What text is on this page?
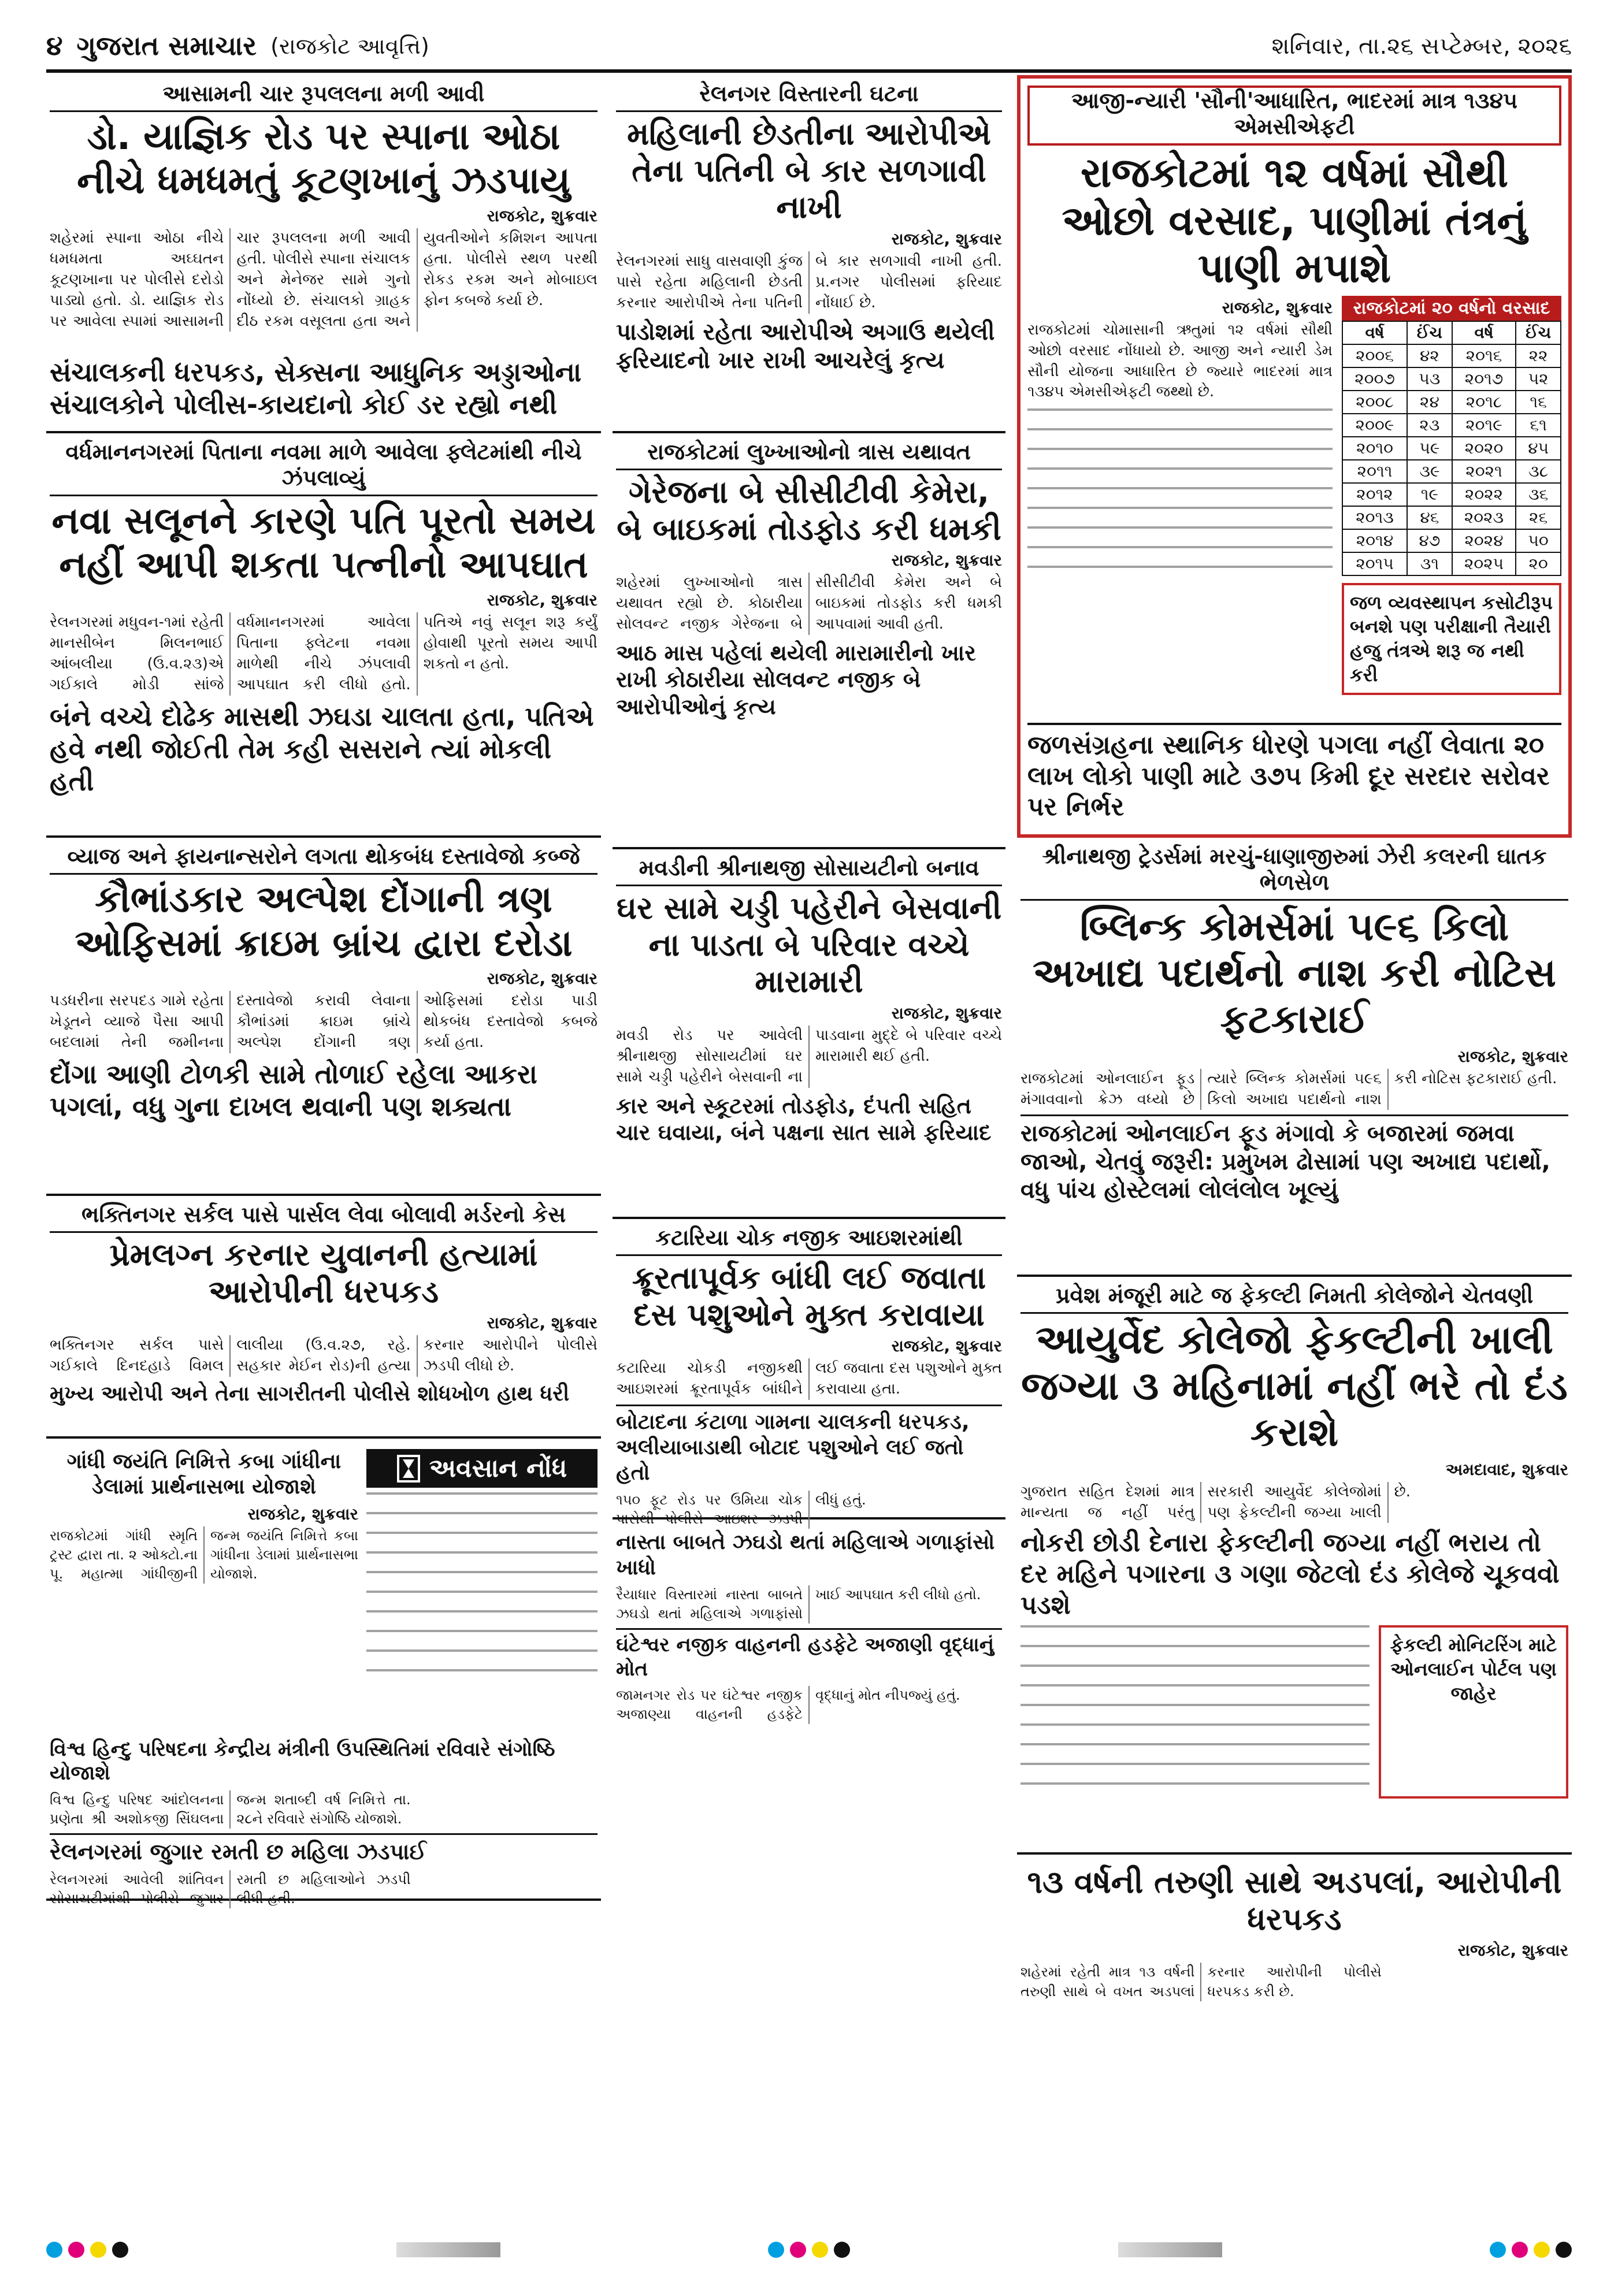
૪ ગુજરાત સમાચાર (રાજકોટ આવૃત્તિ)	શનિવાર, તા.૨૬ સપ્ટેમ્બર, ૨૦૨૬
આસામની ચાર રૂપલલના મળી આવી
ડો. યાજ્ઞિક રોડ પર સ્પાના ઓઠા નીચે ધમધમતું કૂટણખાનું ઝડપાયુ
રાજકોટ, શુક્રવાર
શહેરમાં સ્પાના ઓઠા નીચે ધમધમતા અઘ્ઘતન કૂટણખાના પર પોલીસે દરોડો પાડ્યો હતો. ડો. યાજ્ઞિક રોડ પર આવેલા સ્પામાં આસામની ચાર રૂપલલના મળી આવી હતી. પોલીસે સ્પાના સંચાલક અને મેનેજર સામે ગુનો નોંધ્યો છે. સંચાલકો ગ્રાહક દીઠ રકમ વસૂલતા હતા અને યુવતીઓને કમિશન આપતા હતા. પોલીસે સ્થળ પરથી રોકડ રકમ અને મોબાઇલ ફોન કબજે કર્યા છે.
સંચાલકની ધરપકડ, સેક્સના આધુનિક અડ્ડાઓના સંચાલકોને પોલીસ-કાયદાનો કોઈ ડર રહ્યો નથી
વર્ધમાનનગરમાં પિતાના નવમા માળે આવેલા ફ્લેટમાંથી નીચે ઝંપલાવ્યું
નવા સલૂનને કારણે પતિ પૂરતો સમય નહીં આપી શકતા પત્નીનો આપઘાત
રાજકોટ, શુક્રવાર
રેલનગરમાં મધુવન-૧માં રહેતી માનસીબેન મિલનભાઈ આંબલીયા (ઉ.વ.૨૩)એ ગઈકાલે મોડી સાંજે વર્ધમાનનગરમાં આવેલા પિતાના ફ્લેટના નવમા માળેથી નીચે ઝંપલાવી આપઘાત કરી લીધો હતો. પતિએ નવું સલૂન શરૂ કર્યું હોવાથી પૂરતો સમય આપી શકતો ન હતો.
બંને વચ્ચે દોઢેક માસથી ઝઘડા ચાલતા હતા, પતિએ હવે નથી જોઈતી તેમ કહી સસરાને ત્યાં મોકલી હતી
વ્યાજ અને ફાયનાન્સરોને લગતા થોકબંધ દસ્તાવેજો કબ્જે
કૌભાંડકાર અલ્પેશ દોંગાની ત્રણ ઓફિસમાં ક્રાઇમ બ્રાંચ દ્વારા દરોડા
રાજકોટ, શુક્રવાર
પડધરીના સરપદડ ગામે રહેતા ખેડૂતને વ્યાજે પૈસા આપી બદલામાં તેની જમીનના દસ્તાવેજો કરાવી લેવાના કૌભાંડમાં ક્રાઇમ બ્રાંચે અલ્પેશ દોંગાની ત્રણ ઓફિસમાં દરોડા પાડી થોકબંધ દસ્તાવેજો કબજે કર્યા હતા.
દોંગા આણી ટોળકી સામે તોળાઈ રહેલા આકરા પગલાં, વધુ ગુના દાખલ થવાની પણ શક્યતા
ભક્તિનગર સર્કલ પાસે પાર્સલ લેવા બોલાવી મર્ડરનો કેસ
પ્રેમલગ્ન કરનાર યુવાનની હત્યામાં આરોપીની ધરપકડ
રાજકોટ, શુક્રવાર
ભક્તિનગર સર્કલ પાસે ગઈકાલે દિનદહાડે વિમલ લાલીયા (ઉ.વ.૨૭, રહે. સહકાર મેઈન રોડ)ની હત્યા કરનાર આરોપીને પોલીસે ઝડપી લીધો છે.
મુખ્ય આરોપી અને તેના સાગરીતની પોલીસે શોધખોળ હાથ ધરી
ગાંધી જયંતિ નિમિત્તે કબા ગાંધીના ડેલામાં પ્રાર્થનાસભા યોજાશે
રાજકોટ, શુક્રવાર
રાજકોટમાં ગાંધી સ્મૃતિ ટ્રસ્ટ દ્વારા તા. ૨ ઓક્ટો.ના પૂ. મહાત્મા ગાંધીજીની જન્મ જયંતિ નિમિત્તે કબા ગાંધીના ડેલામાં પ્રાર્થનાસભા યોજાશે.
અવસાન નોંધ
વિશ્વ હિન્દુ પરિષદના કેન્દ્રીય મંત્રીની ઉપસ્થિતિમાં રવિવારે સંગોષ્ઠિ યોજાશે
વિશ્વ હિન્દુ પરિષદ આંદોલનના પ્રણેતા શ્રી અશોકજી સિંઘલના જન્મ શતાબ્દી વર્ષ નિમિત્તે તા. ૨૮ને રવિવારે સંગોષ્ઠિ યોજાશે.
રેલનગરમાં જુગાર રમતી છ મહિલા ઝડપાઈ
રેલનગરમાં આવેલી શાંતિવન સોસાયટીમાંથી પોલીસે જુગાર રમતી છ મહિલાઓને ઝડપી લીધી હતી.
રેલનગર વિસ્તારની ઘટના
મહિલાની છેડતીના આરોપીએ તેના પતિની બે કાર સળગાવી નાખી
રાજકોટ, શુક્રવાર
રેલનગરમાં સાધુ વાસવાણી કુંજ પાસે રહેતા મહિલાની છેડતી કરનાર આરોપીએ તેના પતિની બે કાર સળગાવી નાખી હતી. પ્ર.નગર પોલીસમાં ફરિયાદ નોંધાઈ છે.
પાડોશમાં રહેતા આરોપીએ અગાઉ થયેલી ફરિયાદનો ખાર રાખી આચરેલું કૃત્ય
રાજકોટમાં લુખ્ખાઓનો ત્રાસ યથાવત
ગેરેજના બે સીસીટીવી કેમેરા, બે બાઇકમાં તોડફોડ કરી ધમકી
રાજકોટ, શુક્રવાર
શહેરમાં લુખ્ખાઓનો ત્રાસ યથાવત રહ્યો છે. કોઠારીયા સોલવન્ટ નજીક ગેરેજના બે સીસીટીવી કેમેરા અને બે બાઇકમાં તોડફોડ કરી ધમકી આપવામાં આવી હતી.
આઠ માસ પહેલાં થયેલી મારામારીનો ખાર રાખી કોઠારીયા સોલવન્ટ નજીક બે આરોપીઓનું કૃત્ય
મવડીની શ્રીનાથજી સોસાયટીનો બનાવ
ઘર સામે ચડ્ડી પહેરીને બેસવાની ના પાડતા બે પરિવાર વચ્ચે મારામારી
રાજકોટ, શુક્રવાર
મવડી રોડ પર આવેલી શ્રીનાથજી સોસાયટીમાં ઘર સામે ચડ્ડી પહેરીને બેસવાની ના પાડવાના મુદ્દે બે પરિવાર વચ્ચે મારામારી થઈ હતી.
કાર અને સ્કૂટરમાં તોડફોડ, દંપતી સહિત ચાર ઘવાયા, બંને પક્ષના સાત સામે ફરિયાદ
કટારિયા ચોક નજીક આઇશરમાંથી
ક્રૂરતાપૂર્વક બાંધી લઈ જવાતા દસ પશુઓને મુક્ત કરાવાયા
રાજકોટ, શુક્રવાર
કટારિયા ચોકડી નજીકથી આઇશરમાં ક્રૂરતાપૂર્વક બાંધીને લઈ જવાતા દસ પશુઓને મુક્ત કરાવાયા હતા.
બોટાદના કંટાળા ગામના ચાલકની ધરપકડ, અલીયાબાડાથી બોટાદ પશુઓને લઈ જતો હતો
૧૫૦ ફૂટ રોડ પર ઉમિયા ચોક પાસેથી પોલીસે આઇશર ઝડપી લીધું હતું.
નાસ્તા બાબતે ઝઘડો થતાં મહિલાએ ગળાફાંસો ખાધો
રૈયાધાર વિસ્તારમાં નાસ્તા બાબતે ઝઘડો થતાં મહિલાએ ગળાફાંસો ખાઈ આપઘાત કરી લીધો હતો.
ઘંટેશ્વર નજીક વાહનની હડફેટે અજાણી વૃદ્ધાનું મોત
જામનગર રોડ પર ઘંટેશ્વર નજીક અજાણ્યા વાહનની હડફેટે વૃદ્ધાનું મોત નીપજ્યું હતું.
આજી-ન્યારી 'સૌની'આધારિત, ભાદરમાં માત્ર ૧૩૪૫ એમસીએફટી
રાજકોટમાં ૧૨ વર્ષમાં સૌથી ઓછો વરસાદ, પાણીમાં તંત્રનું પાણી મપાશે
રાજકોટ, શુક્રવાર
રાજકોટમાં ચોમાસાની ઋતુમાં ૧૨ વર્ષમાં સૌથી ઓછો વરસાદ નોંધાયો છે. આજી અને ન્યારી ડેમ સૌની યોજના આધારિત છે જ્યારે ભાદરમાં માત્ર ૧૩૪૫ એમસીએફટી જથ્થો છે.
રાજકોટમાં ૨૦ વર્ષનો વરસાદ
વર્ષ	ઈંચ	વર્ષ	ઈંચ
૨૦૦૬	૪૨	૨૦૧૬	૨૨
૨૦૦૭	૫૩	૨૦૧૭	૫૨
૨૦૦૮	૨૪	૨૦૧૮	૧૬
૨૦૦૯	૨૩	૨૦૧૯	૬૧
૨૦૧૦	૫૯	૨૦૨૦	૪૫
૨૦૧૧	૩૯	૨૦૨૧	૩૮
૨૦૧૨	૧૯	૨૦૨૨	૩૬
૨૦૧૩	૪૬	૨૦૨૩	૨૬
૨૦૧૪	૪૭	૨૦૨૪	૫૦
૨૦૧૫	૩૧	૨૦૨૫	૨૦
જળ વ્યવસ્થાપન કસોટીરૂપ બનશે પણ પરીક્ષાની તૈયારી હજુ તંત્રએ શરૂ જ નથી કરી
જળસંગ્રહના સ્થાનિક ધોરણે પગલા નહીં લેવાતા ૨૦ લાખ લોકો પાણી માટે ૩૭૫ કિમી દૂર સરદાર સરોવર પર નિર્ભર
શ્રીનાથજી ટ્રેડર્સમાં મરચું-ધાણાજીરુમાં ઝેરી કલરની ઘાતક ભેળસેળ
બ્લિન્ક કોમર્સમાં ૫૯૬ કિલો અખાદ્ય પદાર્થનો નાશ કરી નોટિસ ફટકારાઈ
રાજકોટ, શુક્રવાર
રાજકોટમાં ઓનલાઈન ફૂડ મંગાવવાનો ક્રેઝ વધ્યો છે ત્યારે બ્લિન્ક કોમર્સમાં ૫૯૬ કિલો અખાદ્ય પદાર્થનો નાશ કરી નોટિસ ફટકારાઈ હતી.
રાજકોટમાં ઓનલાઈન ફૂડ મંગાવો કે બજારમાં જમવા જાઓ, ચેતવું જરૂરી: પ્રમુખમ ઢોસામાં પણ અખાદ્ય પદાર્થો, વધુ પાંચ હોસ્ટેલમાં લોલંલોલ ખૂલ્યું
પ્રવેશ મંજૂરી માટે જ ફેકલ્ટી નિમતી કોલેજોને ચેતવણી
આયુર્વેદ કોલેજો ફેકલ્ટીની ખાલી જગ્યા ૩ મહિનામાં નહીં ભરે તો દંડ કરાશે
અમદાવાદ, શુક્રવાર
ગુજરાત સહિત દેશમાં માત્ર માન્યતા જ નહીં પરંતુ સરકારી આયુર્વેદ કોલેજોમાં પણ ફેકલ્ટીની જગ્યા ખાલી છે.
નોકરી છોડી દેનારા ફેકલ્ટીની જગ્યા નહીં ભરાય તો દર મહિને પગારના ૩ ગણા જેટલો દંડ કોલેજે ચૂકવવો પડશે
ફેકલ્ટી મોનિટરિંગ માટે ઓનલાઈન પોર્ટલ પણ જાહેર
૧૩ વર્ષની તરુણી સાથે અડપલાં, આરોપીની ધરપકડ
રાજકોટ, શુક્રવાર
શહેરમાં રહેતી માત્ર ૧૩ વર્ષની તરુણી સાથે બે વખત અડપલાં કરનાર આરોપીની પોલીસે ધરપકડ કરી છે.
